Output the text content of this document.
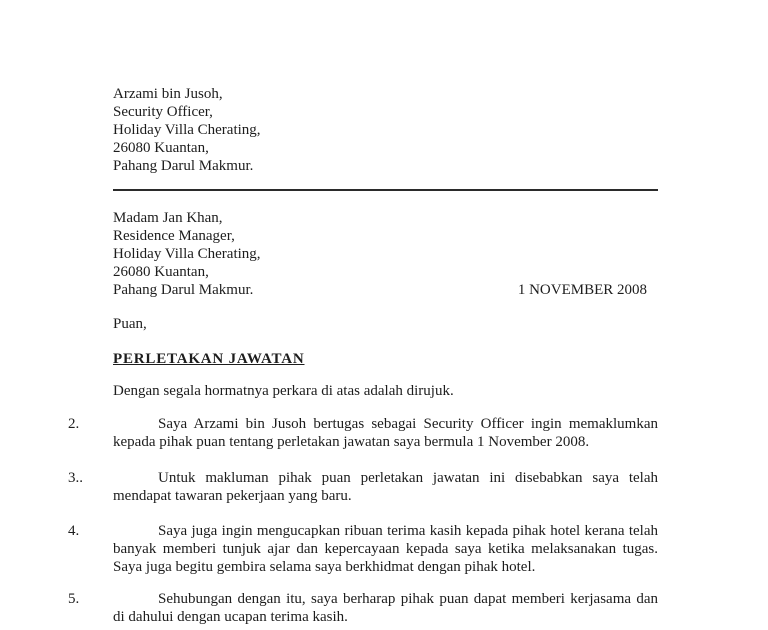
Arzami bin Jusoh,
Security Officer,
Holiday Villa Cherating,
26080 Kuantan,
Pahang Darul Makmur.
Madam Jan Khan,
Residence Manager,
Holiday Villa Cherating,
26080 Kuantan,
Pahang Darul Makmur.	1 NOVEMBER 2008
Puan,
PERLETAKAN JAWATAN
Dengan segala hormatnya perkara di atas adalah dirujuk.
2.	Saya Arzami bin Jusoh bertugas sebagai Security Officer ingin memaklumkan
kepada pihak puan tentang perletakan jawatan saya bermula 1 November 2008.
3..	Untuk makluman pihak puan perletakan jawatan ini disebabkan saya telah
mendapat tawaran pekerjaan yang baru.
4.	Saya juga ingin mengucapkan ribuan terima kasih kepada pihak hotel kerana telah
banyak memberi tunjuk ajar dan kepercayaan kepada saya ketika melaksanakan tugas.
Saya juga begitu gembira selama saya berkhidmat dengan pihak hotel.
5.	Sehubungan dengan itu, saya berharap pihak puan dapat memberi kerjasama dan
di dahului dengan ucapan terima kasih.
